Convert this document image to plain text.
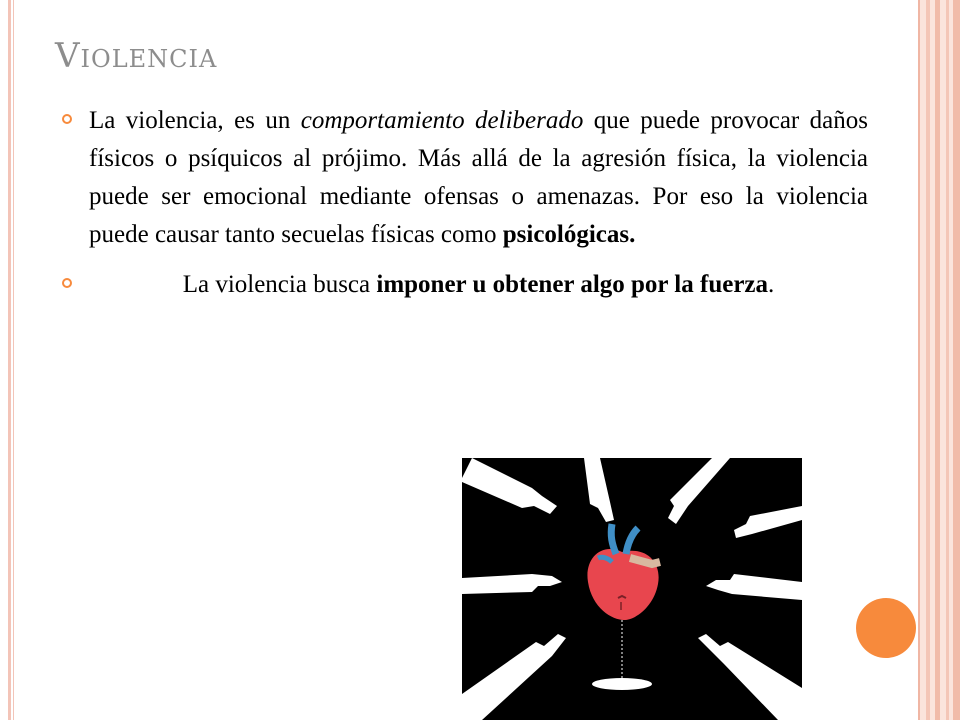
Violencia
La violencia, es un comportamiento deliberado que puede provocar daños físicos o psíquicos al prójimo. Más allá de la agresión física, la violencia puede ser emocional mediante ofensas o amenazas. Por eso la violencia puede causar tanto secuelas físicas como psicológicas.
La violencia busca imponer u obtener algo por la fuerza.
